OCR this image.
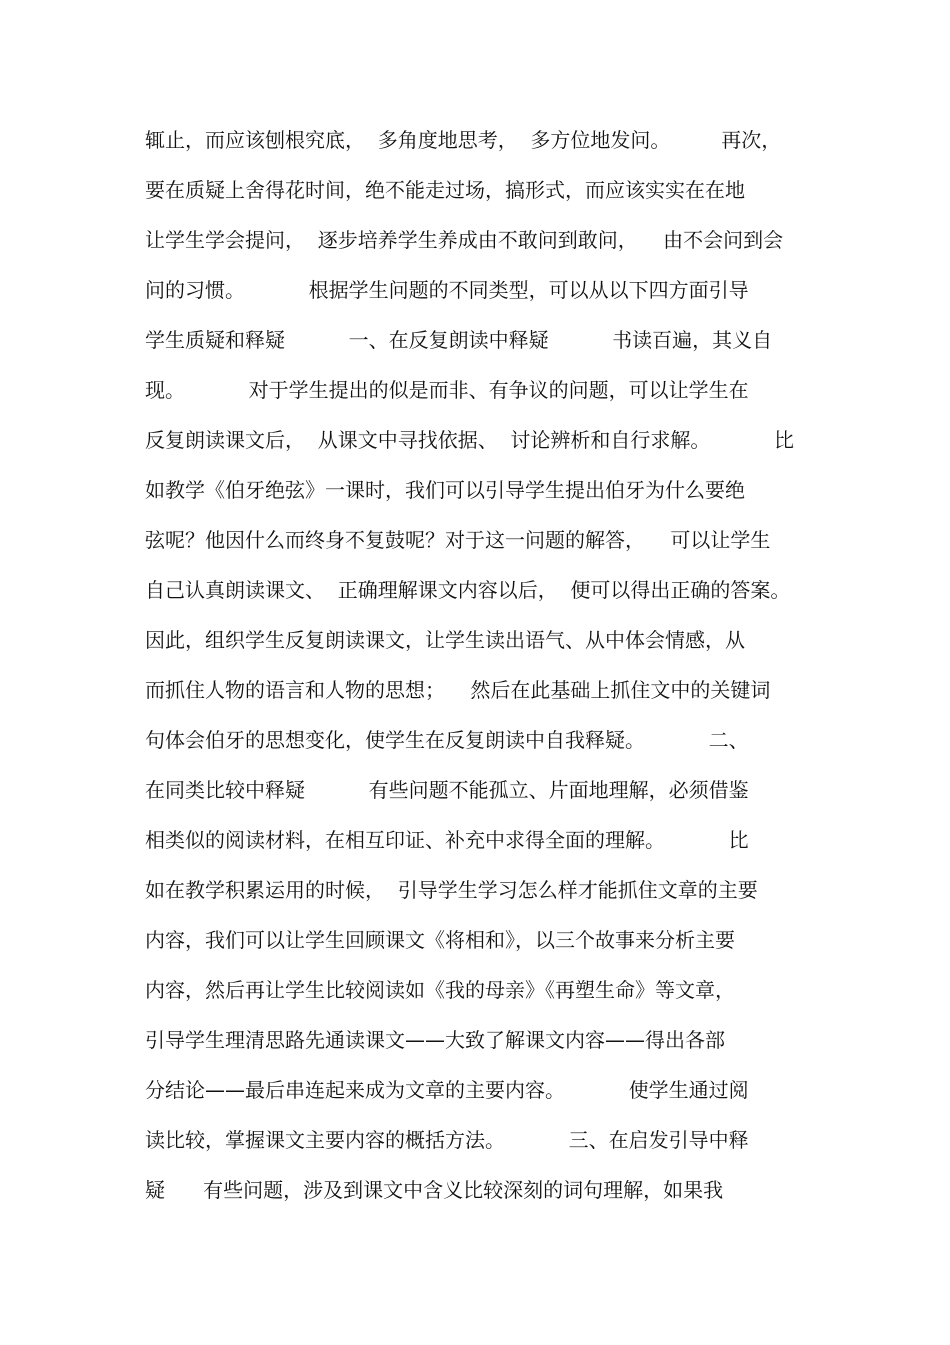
辄止，而应该刨根究底，  多角度地思考，  多方位地发问。        再次，
要在质疑上舍得花时间，绝不能走过场，搞形式，而应该实实在在地
让学生学会提问，  逐步培养学生养成由不敢问到敢问，    由不会问到会
问的习惯。          根据学生问题的不同类型，可以从以下四方面引导
学生质疑和释疑          一、在反复朗读中释疑          书读百遍，其义自
现。          对于学生提出的似是而非、有争议的问题，可以让学生在
反复朗读课文后，  从课文中寻找依据、  讨论辨析和自行求解。          比
如教学《伯牙绝弦》一课时，我们可以引导学生提出伯牙为什么要绝
弦呢？他因什么而终身不复鼓呢？对于这一问题的解答，    可以让学生
自己认真朗读课文、  正确理解课文内容以后，  便可以得出正确的答案。
因此，组织学生反复朗读课文，让学生读出语气、从中体会情感，从
而抓住人物的语言和人物的思想；    然后在此基础上抓住文中的关键词
句体会伯牙的思想变化，使学生在反复朗读中自我释疑。          二、
在同类比较中释疑          有些问题不能孤立、片面地理解，必须借鉴
相类似的阅读材料，在相互印证、补充中求得全面的理解。          比
如在教学积累运用的时候，  引导学生学习怎么样才能抓住文章的主要
内容，我们可以让学生回顾课文《将相和》，以三个故事来分析主要
内容，然后再让学生比较阅读如《我的母亲》《再塑生命》等文章，
引导学生理清思路先通读课文——大致了解课文内容——得出各部
分结论——最后串连起来成为文章的主要内容。          使学生通过阅
读比较，掌握课文主要内容的概括方法。          三、在启发引导中释
疑      有些问题，涉及到课文中含义比较深刻的词句理解，如果我
